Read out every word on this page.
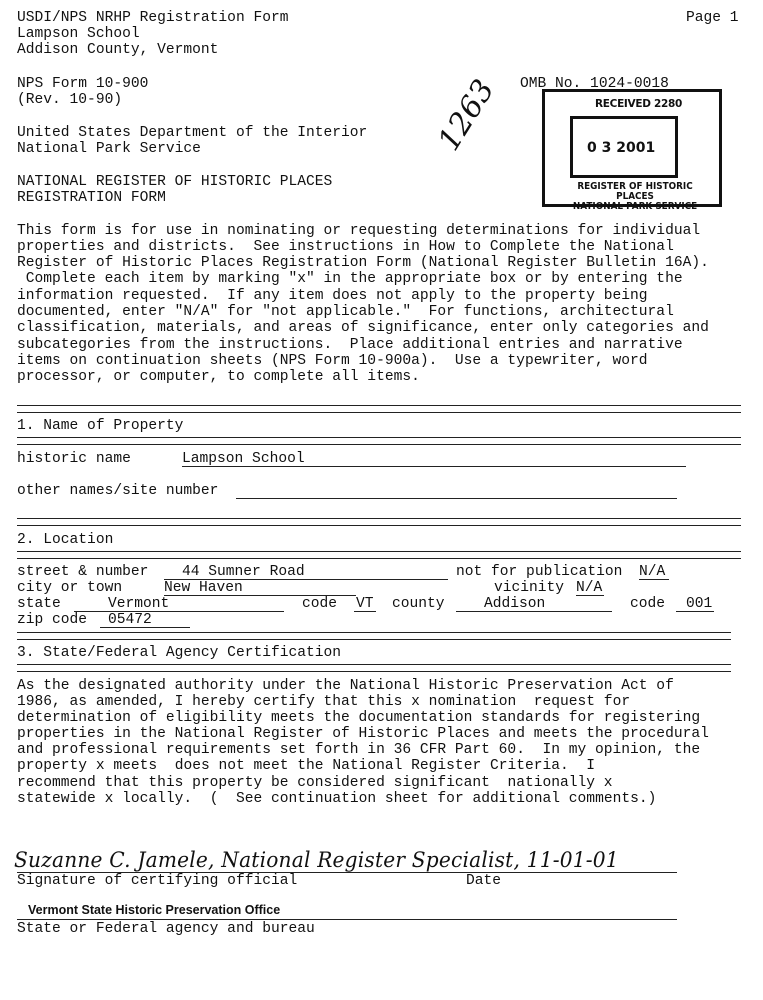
USDI/NPS NRHP Registration Form
Lampson School
Addison County, Vermont
Page 1
NPS Form 10-900
(Rev. 10-90)
OMB No. 1024-0018
United States Department of the Interior
National Park Service
NATIONAL REGISTER OF HISTORIC PLACES
REGISTRATION FORM
1263	RECEIVED 2280
0 3 2001
REGISTER OF HISTORIC PLACES
NATIONAL PARK SERVICE
This form is for use in nominating or requesting determinations for individual
properties and districts.  See instructions in How to Complete the National
Register of Historic Places Registration Form (National Register Bulletin 16A).
Complete each item by marking "x" in the appropriate box or by entering the
information requested.  If any item does not apply to the property being
documented, enter "N/A" for "not applicable."  For functions, architectural
classification, materials, and areas of significance, enter only categories and
subcategories from the instructions.  Place additional entries and narrative
items on continuation sheets (NPS Form 10-900a).  Use a typewriter, word
processor, or computer, to complete all items.
1. Name of Property
historic name	Lampson School
other names/site number
2. Location
street & number 44 Sumner Road	not for publication N/A
city or town	New Haven	vicinity N/A
state	Vermont	code VT county	Addison	code 001
zip code 05472
3. State/Federal Agency Certification
As the designated authority under the National Historic Preservation Act of
1986, as amended, I hereby certify that this x nomination request for
determination of eligibility meets the documentation standards for registering
properties in the National Register of Historic Places and meets the procedural
and professional requirements set forth in 36 CFR Part 60.  In my opinion, the
property x meets does not meet the National Register Criteria.  I
recommend that this property be considered significant nationally x
statewide x locally.  ( See continuation sheet for additional comments.)
Suzanne C. Jamele, National Register Specialist, 11-01-01
Signature of certifying official	Date
Vermont State Historic Preservation Office
State or Federal agency and bureau
